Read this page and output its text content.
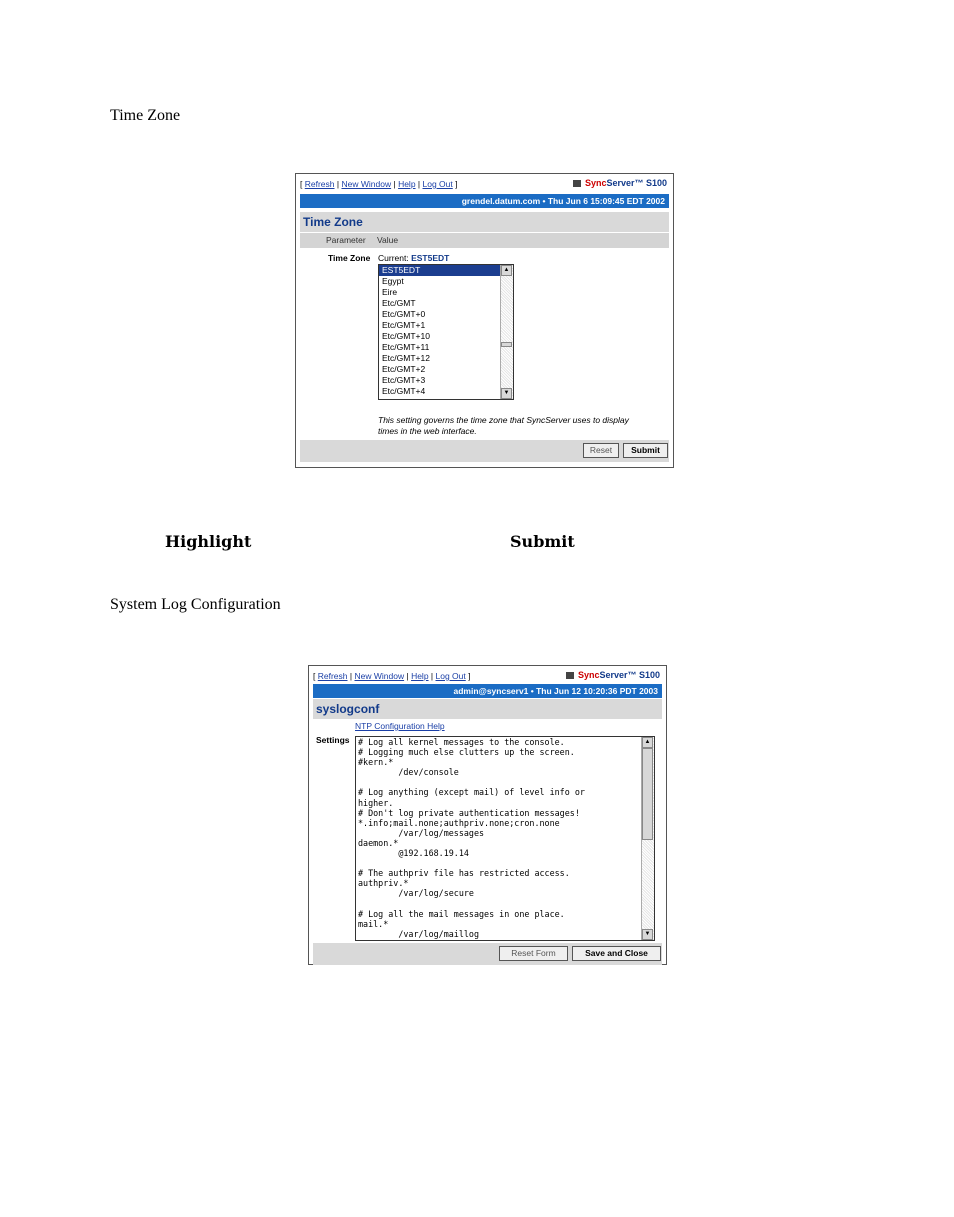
Time Zone
Highlight	Submit
System Log Configuration
[ Refresh | New Window | Help | Log Out ]	SyncServer™ S100
grendel.datum.com • Thu Jun 6 15:09:45 EDT 2002
Time Zone
Parameter Value
Time Zone Current: EST5EDT
EST5EDT
Egypt
Eire
Etc/GMT
Etc/GMT+0
Etc/GMT+1
Etc/GMT+10
Etc/GMT+11
Etc/GMT+12
Etc/GMT+2
Etc/GMT+3
Etc/GMT+4
▲
▼
This setting governs the time zone that SyncServer uses to display
times in the web interface.
Reset	Submit
[ Refresh | New Window | Help | Log Out ]	SyncServer™ S100
admin@syncserv1 • Thu Jun 12 10:20:36 PDT 2003
syslogconf
NTP Configuration Help
Settings # Log all kernel messages to the console.
# Logging much else clutters up the screen.
#kern.*
/dev/console
# Log anything (except mail) of level info or
higher.
# Don't log private authentication messages!
*.info;mail.none;authpriv.none;cron.none
/var/log/messages
daemon.*
@192.168.19.14
# The authpriv file has restricted access.
authpriv.*
/var/log/secure
# Log all the mail messages in one place.
mail.*
/var/log/maillog
▲
▼
Reset Form	Save and Close
